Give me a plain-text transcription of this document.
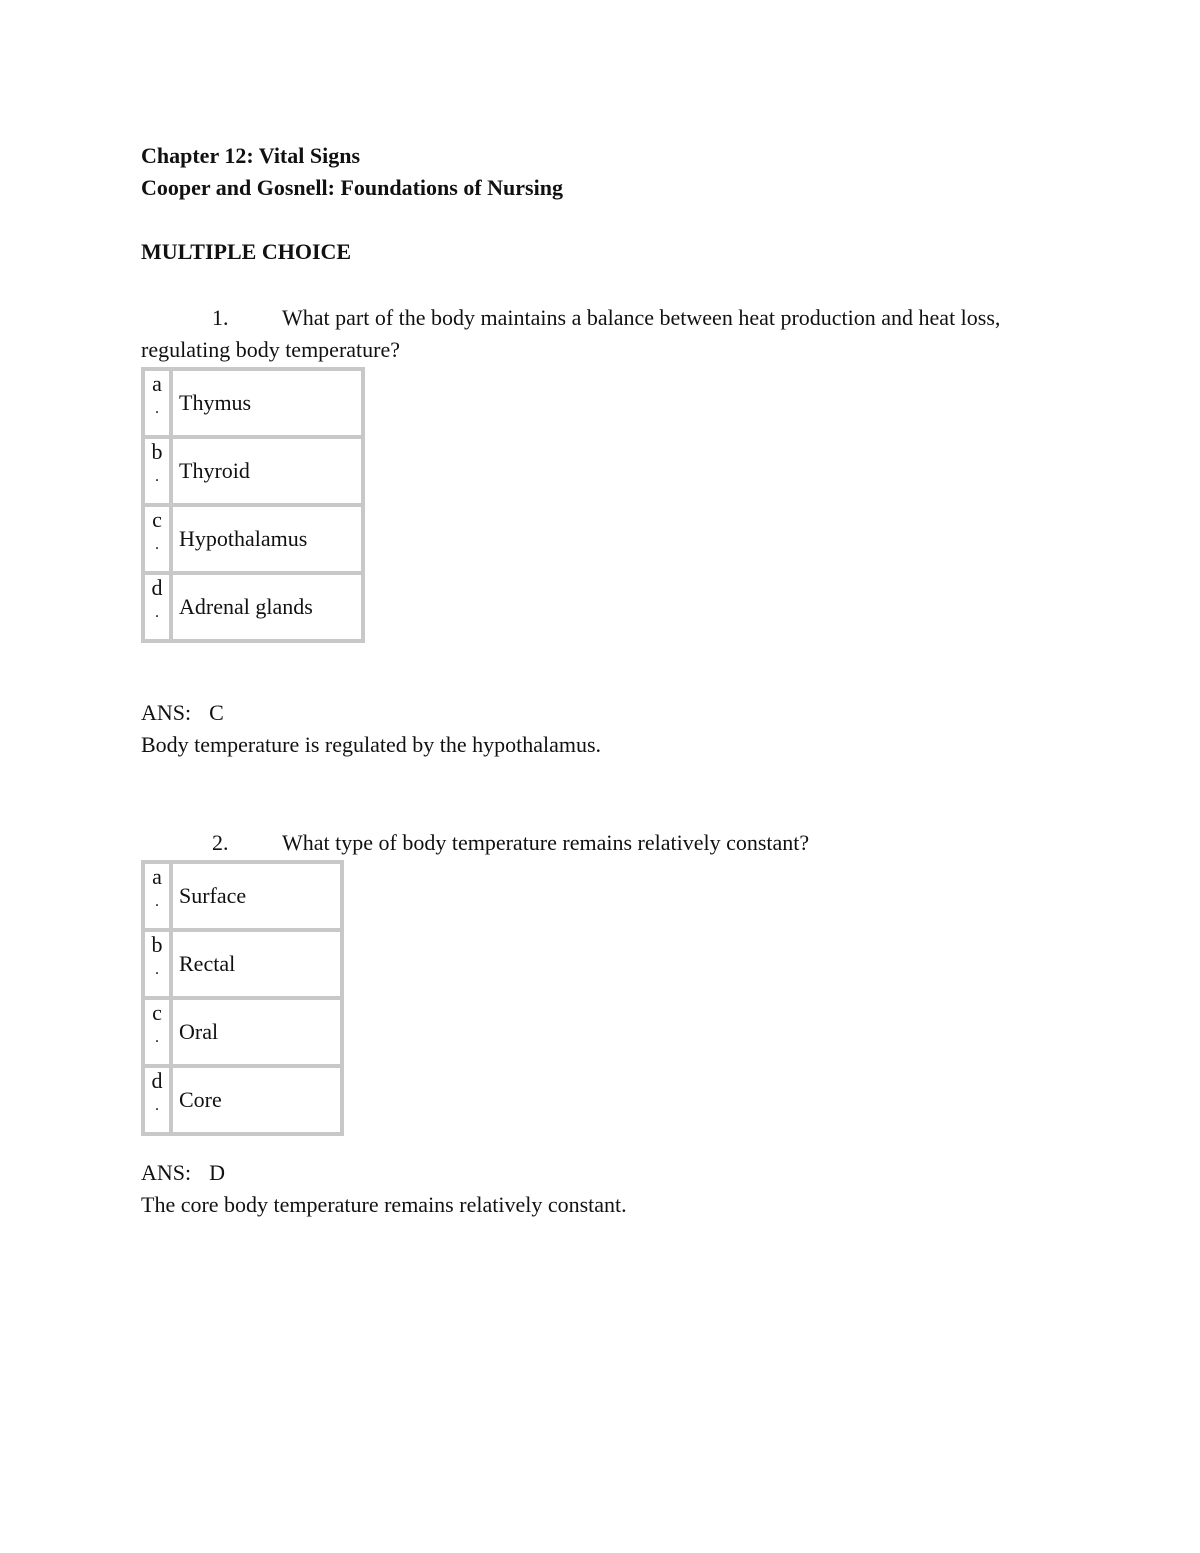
Chapter 12: Vital Signs
Cooper and Gosnell: Foundations of Nursing
MULTIPLE CHOICE
1. What part of the body maintains a balance between heat production and heat loss,
regulating body temperature?
a
.	Thymus

b
.	Thyroid

c
.	Hypothalamus

d
.	Adrenal glands
ANS: C
Body temperature is regulated by the hypothalamus.
2. What type of body temperature remains relatively constant?
a
.	Surface

b
.	Rectal

c
.	Oral

d
.	Core
ANS: D
The core body temperature remains relatively constant.
